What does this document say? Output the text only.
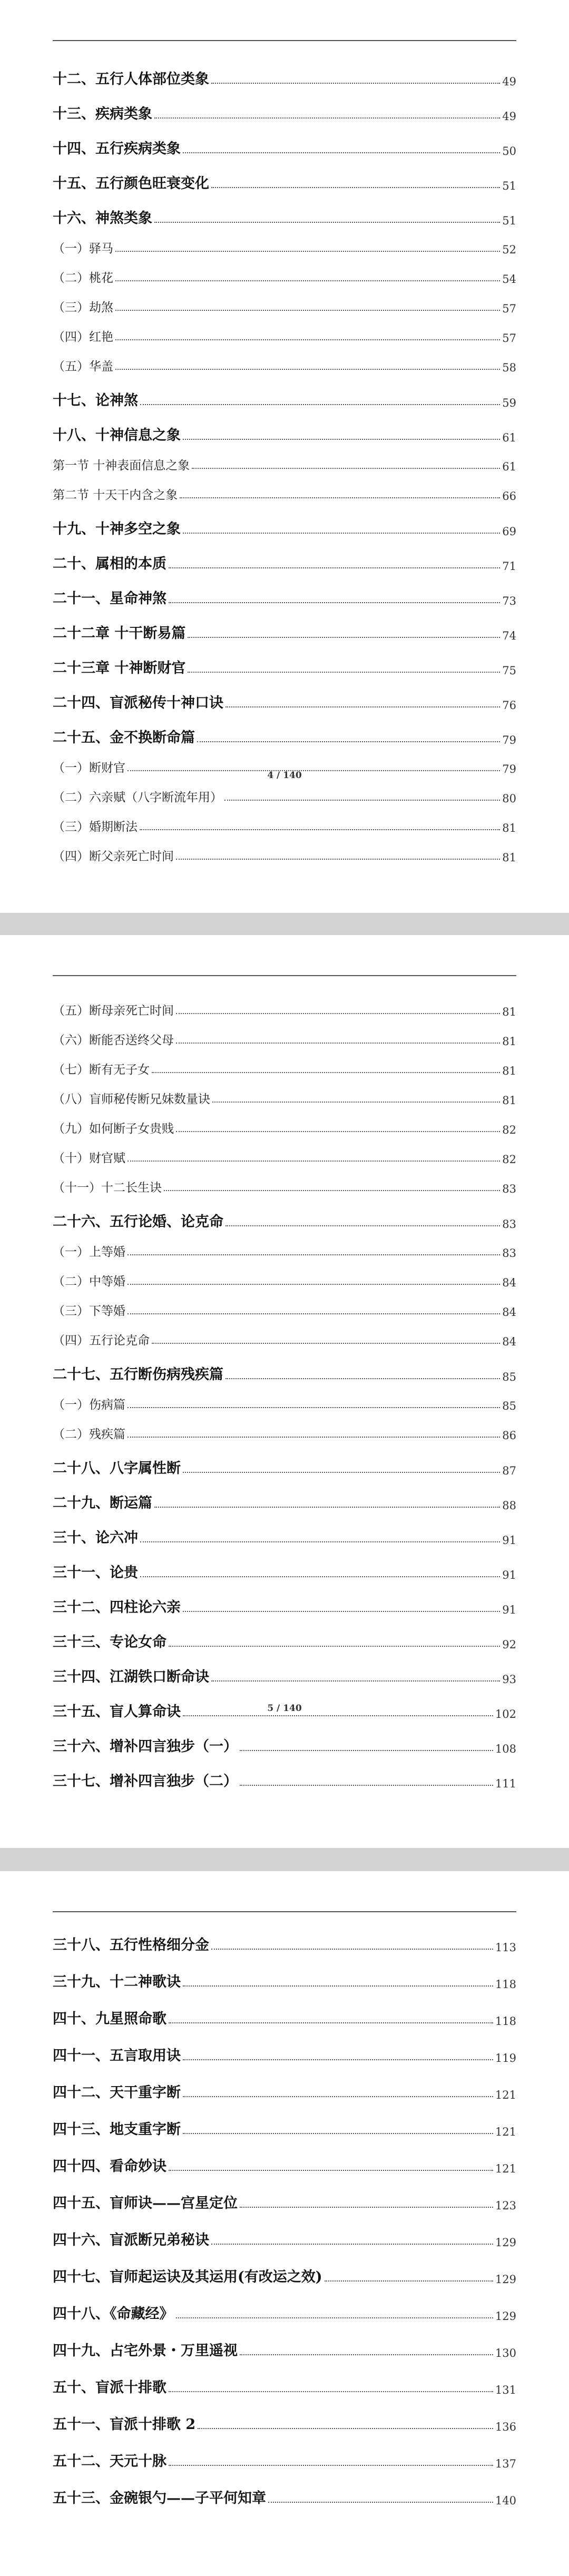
十二、五行人体部位类象	49
十三、疾病类象	49
十四、五行疾病类象	50
十五、五行颜色旺衰变化	51
十六、神煞类象	51
（一）驿马	52
（二）桃花	54
（三）劫煞	57
（四）红艳	57
（五）华盖	58
十七、论神煞	59
十八、十神信息之象	61
第一节 十神表面信息之象	61
第二节 十天干内含之象	66
十九、十神多空之象	69
二十、属相的本质	71
二十一、星命神煞	73
二十二章 十干断易篇	74
二十三章 十神断财官	75
二十四、盲派秘传十神口诀	76
二十五、金不换断命篇	79
（一）断财官	79
（二）六亲赋（八字断流年用）	80
（三）婚期断法	81
（四）断父亲死亡时间	81
4 / 140
（五）断母亲死亡时间	81
（六）断能否送终父母	81
（七）断有无子女	81
（八）盲师秘传断兄妹数量诀	81
（九）如何断子女贵贱	82
（十）财官赋	82
（十一）十二长生诀	83
二十六、五行论婚、论克命	83
（一）上等婚	83
（二）中等婚	84
（三）下等婚	84
（四）五行论克命	84
二十七、五行断伤病残疾篇	85
（一）伤病篇	85
（二）残疾篇	86
二十八、八字属性断	87
二十九、断运篇	88
三十、论六冲	91
三十一、论贵	91
三十二、四柱论六亲	91
三十三、专论女命	92
三十四、江湖铁口断命诀	93
三十五、盲人算命诀	102
三十六、增补四言独步（一）	108
三十七、增补四言独步（二）	111
5 / 140
三十八、五行性格细分金	113
三十九、十二神歌诀	118
四十、九星照命歌	118
四十一、五言取用诀	119
四十二、天干重字断	121
四十三、地支重字断	121
四十四、看命妙诀	121
四十五、盲师诀——宫星定位	123
四十六、盲派断兄弟秘诀	129
四十七、盲师起运诀及其运用(有改运之效)	129
四十八、《命藏经》	129
四十九、占宅外景・万里遥视	130
五十、盲派十排歌	131
五十一、盲派十排歌 2	136
五十二、天元十脉	137
五十三、金碗银勺——子平何知章	140
